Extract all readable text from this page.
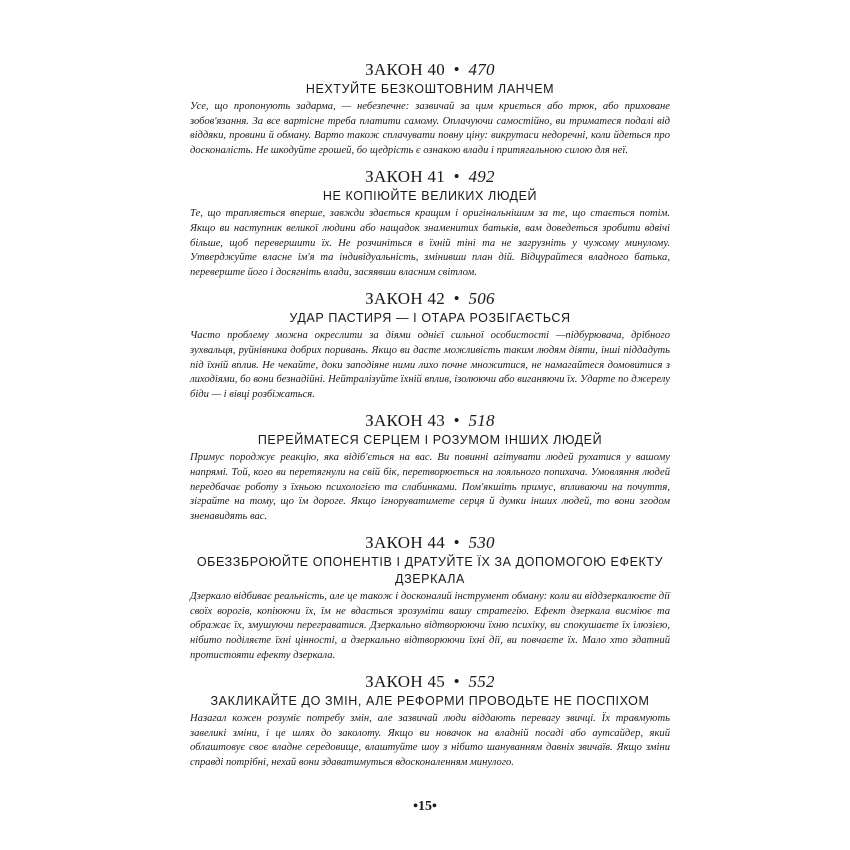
ЗАКОН 40 • 470

НЕХТУЙТЕ БЕЗКОШТОВНИМ ЛАНЧЕМ

Усе, що пропонують задарма, — небезпечне: зазвичай за цим криється або трюк, або приховане зобов'язання. За все вартісне треба платити самому. Оплачуючи самостійно, ви триматеся подалі від віддяки, провини й обману. Варто також сплачувати повну ціну: викрутаси недоречні, коли йдеться про досконалість. Не шкодуйте грошей, бо щедрість є ознакою влади і притягальною силою для неї.

ЗАКОН 41 • 492

НЕ КОПІЮЙТЕ ВЕЛИКИХ ЛЮДЕЙ

Те, що трапляється вперше, завжди здається кращим і оригінальнішим за те, що стається потім. Якщо ви наступник великої людини або нащадок знаменитих батьків, вам доведеться зробити вдвічі більше, щоб перевершити їх. Не розчиніться в їхній тіні та не загрузніть у чужому минулому. Утверджуйте власне ім'я та індивідуальність, змінивши план дій. Відцурайтеся владного батька, переверште його і досягніть влади, засяявши власним світлом.

ЗАКОН 42 • 506

УДАР ПАСТИРЯ — І ОТАРА РОЗБІГАЄТЬСЯ

Часто проблему можна окреслити за діями однієї сильної особистості —підбурювача, дрібного зухвальця, руйнівника добрих поривань. Якщо ви дасте можливість таким людям діяти, інші піддадуть під їхній вплив. Не чекайте, доки заподіяне ними лихо почне множитися, не намагайтеся домовитися з лиходіями, бо вони безнадійні. Нейтралізуйте їхній вплив, ізолюючи або виганяючи їх. Ударте по джерелу біди — і вівці розбіжаться.

ЗАКОН 43 • 518

ПЕРЕЙМАТЕСЯ СЕРЦЕМ І РОЗУМОМ ІНШИХ ЛЮДЕЙ

Примус породжує реакцію, яка відіб'ється на вас. Ви повинні агітувати людей рухатися у вашому напрямі. Той, кого ви перетягнули на свій бік, перетворюється на лояльного попихача. Умовляння людей передбачає роботу з їхньою психологією та слабинками. Пом'якшіть примус, впливаючи на почуття, зіграйте на тому, що їм дороге. Якщо ігноруватимете серця й думки інших людей, то вони згодом зненавидять вас.

ЗАКОН 44 • 530

ОБЕЗЗБРОЮЙТЕ ОПОНЕНТІВ І ДРАТУЙТЕ ЇХ ЗА ДОПОМОГОЮ ЕФЕКТУ ДЗЕРКАЛА

Дзеркало відбиває реальність, але це також і досконалий інструмент обману: коли ви віддзеркалюєте дії своїх ворогів, копіюючи їх, їм не вдасться зрозуміти вашу стратегію. Ефект дзеркала висміює та ображає їх, змушуючи переграватися. Дзеркально відтворюючи їхню психіку, ви спокушаєте їх ілюзією, нібито поділяєте їхні цінності, а дзеркально відтворюючи їхні дії, ви повчаєте їх. Мало хто здатний протистояти ефекту дзеркала.

ЗАКОН 45 • 552

ЗАКЛИКАЙТЕ ДО ЗМІН, АЛЕ РЕФОРМИ ПРОВОДЬТЕ НЕ ПОСПІХОМ

Назагал кожен розуміє потребу змін, але зазвичай люди віддають перевагу звичці. Їх травмують завеликі зміни, і це шлях до заколоту. Якщо ви новачок на владній посаді або аутсайдер, який облаштовує своє владне середовище, влаштуйте шоу з нібито шануванням давніх звичаїв. Якщо зміни справді потрібні, нехай вони здаватимуться вдосконаленням минулого.

•15•
